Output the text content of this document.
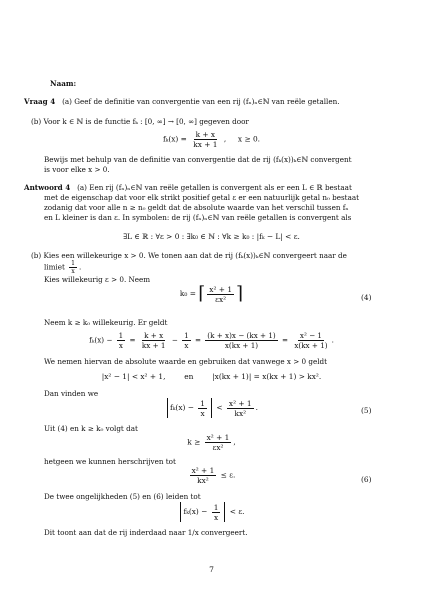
Naam:
Vraag 4 (a) Geef de definitie van convergentie van een rij (fₙ)ₙ∈ℕ van reële getallen.
(b) Voor k ∈ ℕ is de functie fₖ : [0, ∞] → [0, ∞] gegeven door
$f_k(x) = \frac{k + x}{kx + 1}$ ,     x ≥ 0.
Bewijs met behulp van de definitie van convergentie dat de rij (fₖ(x))ₖ∈ℕ convergent
is voor elke x > 0.
Antwoord 4 (a) Een rij (fₙ)ₙ∈ℕ van reële getallen is convergent als er een L ∈ ℝ bestaat
met de eigenschap dat voor elk strikt positief getal ε er een natuurlijk getal n₀ bestaat
zodanig dat voor alle n ≥ n₀ geldt dat de absolute waarde van het verschil tussen fₙ
en L kleiner is dan ε. In symbolen: de rij (fₙ)ₙ∈ℕ van reële getallen is convergent als
∃L ∈ ℝ : ∀ε > 0 : ∃k₀ ∈ ℕ : ∀k ≥ k₀ : |fₖ − L| < ε.
(b) Kies een willekeurige x > 0. We tonen aan dat de rij (fₖ(x))ₖ∈ℕ convergeert naar de
limiet $\frac{1}{x}$ .
Kies willekeurig ε > 0. Neem
k₀ = ⌈ $\frac{\text{x² + 1}}{\text{εx²}}$ ⌉	(4)
Neem k ≥ k₀ willekeurig. Er geldt
$f_k(x) - \frac{1}{x} = \frac{k + x}{kx + 1} - \frac{1}{x} = \frac{(k + x)x - (kx + 1)}{x(kx + 1)} = \frac{\text{x² − 1}}{x(kx + 1)}$ .
We nemen hiervan de absolute waarde en gebruiken dat vanwege x > 0 geldt
|x² − 1| < x² + 1,        en        |x(kx + 1)| = x(kx + 1) > kx².
Dan vinden we
$f_k(x) - \frac{1}{x} < \frac{\text{x² + 1}}{\text{kx²}}$ .	(5)
Uit (4) en k ≥ k₀ volgt dat
$k \ge \frac{\text{x² + 1}}{\text{εx²}}$ ,
hetgeen we kunnen herschrijven tot
$\frac{\text{x² + 1}}{\text{kx²}} \le \varepsilon$.	(6)
De twee ongelijkheden (5) en (6) leiden tot
$f_k(x) - \frac{1}{x} < \varepsilon$.
Dit toont aan dat de rij inderdaad naar 1/x convergeert.
7
